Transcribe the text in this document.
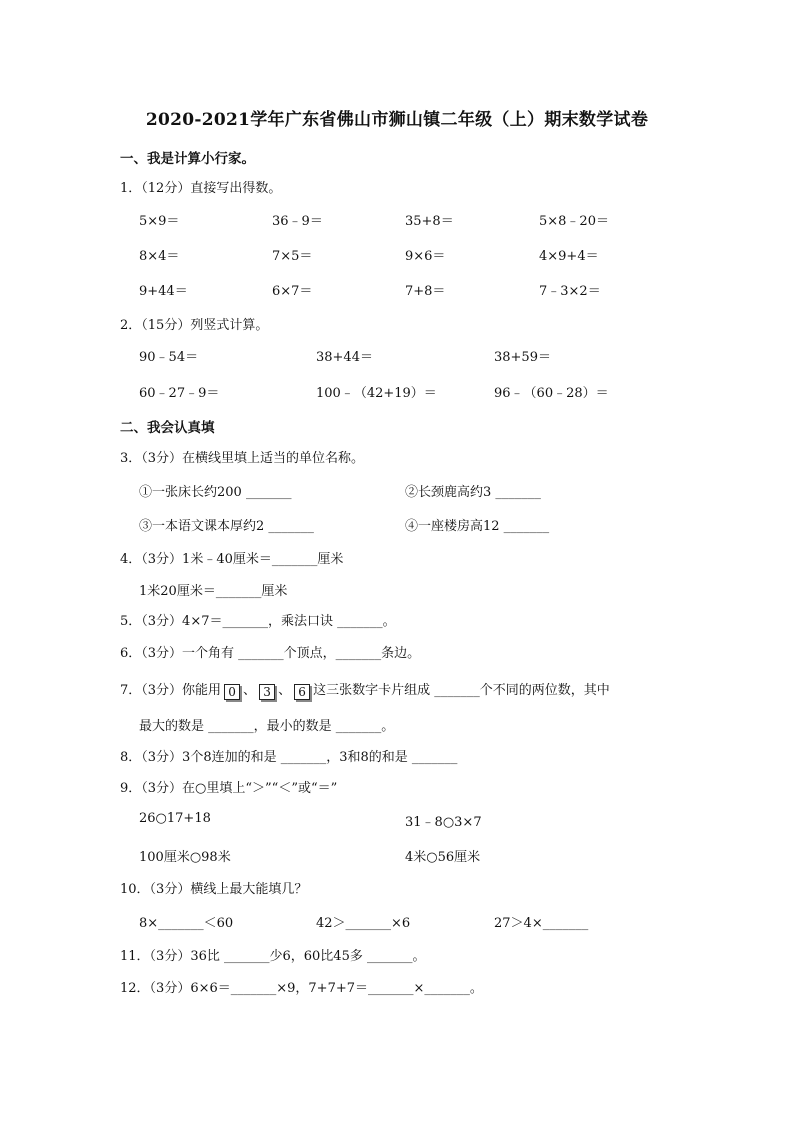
2020-2021学年广东省佛山市狮山镇二年级（上）期末数学试卷
一、我是计算小行家。
1．（12分）直接写出得数。
5×9＝	36﹣9＝	35+8＝	5×8﹣20＝
8×4＝	7×5＝	9×6＝	4×9+4＝
9+44＝	6×7＝	7+8＝	7﹣3×2＝
2．（15分）列竖式计算。
90﹣54＝	38+44＝	38+59＝
60﹣27﹣9＝	100﹣（42+19）＝	96﹣（60﹣28）＝
二、我会认真填
3．（3分）在横线里填上适当的单位名称。
①一张床长约200 _______	②长颈鹿高约3 _______
③一本语文课本厚约2 _______	④一座楼房高12 _______
4．（3分）1米﹣40厘米＝_______厘米
1米20厘米＝_______厘米
5．（3分）4×7＝_______，乘法口诀 _______。
6．（3分）一个角有 _______个顶点，_______条边。
7．（3分）你能用 0 、 3 、 6 这三张数字卡片组成 _______个不同的两位数，其中
最大的数是 _______，最小的数是 _______。
8．（3分）3个8连加的和是 _______，3和8的和是 _______
9．（3分）在○里填上“＞”“＜”或“＝”
26○17+18	31﹣8○3×7
100厘米○98米	4米○56厘米
10．（3分）横线上最大能填几？
8×_______＜60	42＞_______×6	27＞4×_______
11．（3分）36比 _______少6，60比45多 _______。
12．（3分）6×6＝_______×9，7+7+7＝_______×_______。
